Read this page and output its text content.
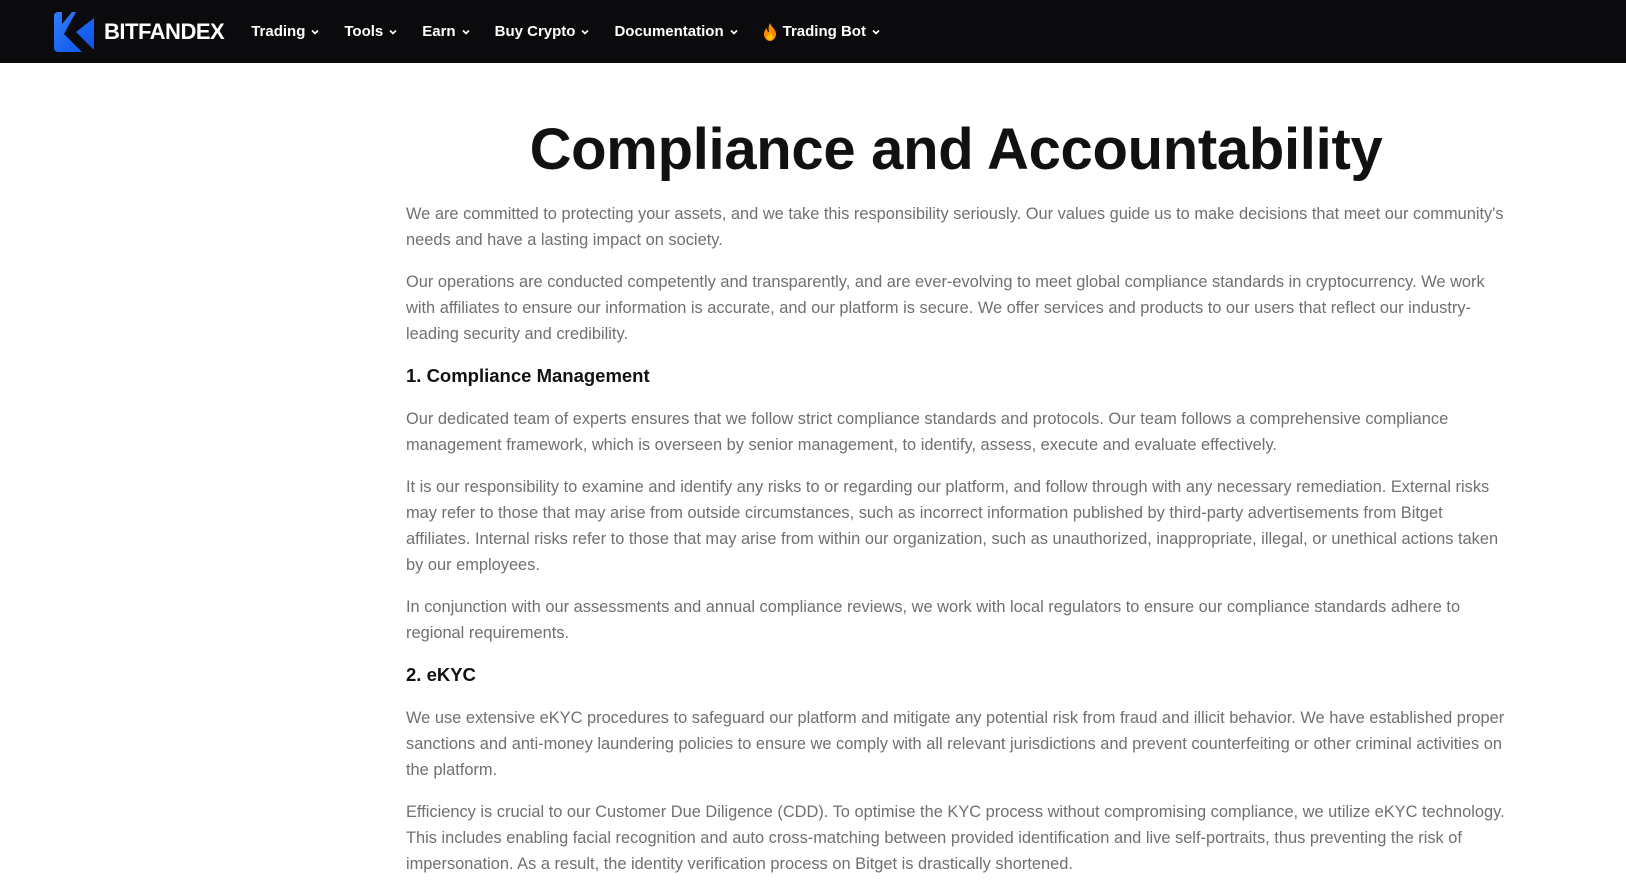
BITFANDEX Trading	Tools	Earn	Buy Crypto	Documentation	Trading Bot
Compliance and Accountability

We are committed to protecting your assets, and we take this responsibility seriously. Our values guide us to make decisions that meet our community's needs and have a lasting impact on society.

Our operations are conducted competently and transparently, and are ever-evolving to meet global compliance standards in cryptocurrency. We work with affiliates to ensure our information is accurate, and our platform is secure. We offer services and products to our users that reflect our industry-leading security and credibility.

1. Compliance Management

Our dedicated team of experts ensures that we follow strict compliance standards and protocols. Our team follows a comprehensive compliance management framework, which is overseen by senior management, to identify, assess, execute and evaluate effectively.

It is our responsibility to examine and identify any risks to or regarding our platform, and follow through with any necessary remediation. External risks may refer to those that may arise from outside circumstances, such as incorrect information published by third-party advertisements from Bitget affiliates. Internal risks refer to those that may arise from within our organization, such as unauthorized, inappropriate, illegal, or unethical actions taken by our employees.

In conjunction with our assessments and annual compliance reviews, we work with local regulators to ensure our compliance standards adhere to regional requirements.

2. eKYC

We use extensive eKYC procedures to safeguard our platform and mitigate any potential risk from fraud and illicit behavior. We have established proper sanctions and anti-money laundering policies to ensure we comply with all relevant jurisdictions and prevent counterfeiting or other criminal activities on the platform.

Efficiency is crucial to our Customer Due Diligence (CDD). To optimise the KYC process without compromising compliance, we utilize eKYC technology. This includes enabling facial recognition and auto cross-matching between provided identification and live self-portraits, thus preventing the risk of impersonation. As a result, the identity verification process on Bitget is drastically shortened.
